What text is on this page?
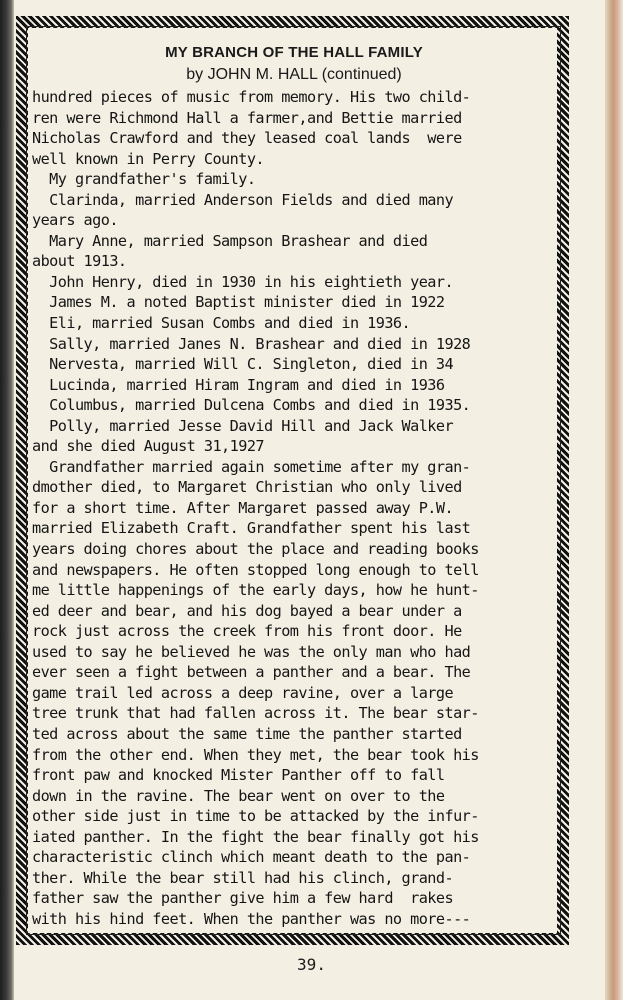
MY BRANCH OF THE HALL FAMILY
by JOHN M. HALL (continued)
hundred pieces of music from memory. His two child-
ren were Richmond Hall a farmer,and Bettie married
Nicholas Crawford and they leased coal lands  were
well known in Perry County.
My grandfather's family.
Clarinda, married Anderson Fields and died many
years ago.
Mary Anne, married Sampson Brashear and died
about 1913.
John Henry, died in 1930 in his eightieth year.
James M. a noted Baptist minister died in 1922
Eli, married Susan Combs and died in 1936.
Sally, married Janes N. Brashear and died in 1928
Nervesta, married Will C. Singleton, died in 34
Lucinda, married Hiram Ingram and died in 1936
Columbus, married Dulcena Combs and died in 1935.
Polly, married Jesse David Hill and Jack Walker
and she died August 31,1927
Grandfather married again sometime after my gran-
dmother died, to Margaret Christian who only lived
for a short time. After Margaret passed away P.W.
married Elizabeth Craft. Grandfather spent his last
years doing chores about the place and reading books
and newspapers. He often stopped long enough to tell
me little happenings of the early days, how he hunt-
ed deer and bear, and his dog bayed a bear under a
rock just across the creek from his front door. He
used to say he believed he was the only man who had
ever seen a fight between a panther and a bear. The
game trail led across a deep ravine, over a large
tree trunk that had fallen across it. The bear star-
ted across about the same time the panther started
from the other end. When they met, the bear took his
front paw and knocked Mister Panther off to fall
down in the ravine. The bear went on over to the
other side just in time to be attacked by the infur-
iated panther. In the fight the bear finally got his
characteristic clinch which meant death to the pan-
ther. While the bear still had his clinch, grand-
father saw the panther give him a few hard  rakes
with his hind feet. When the panther was no more---
39.
